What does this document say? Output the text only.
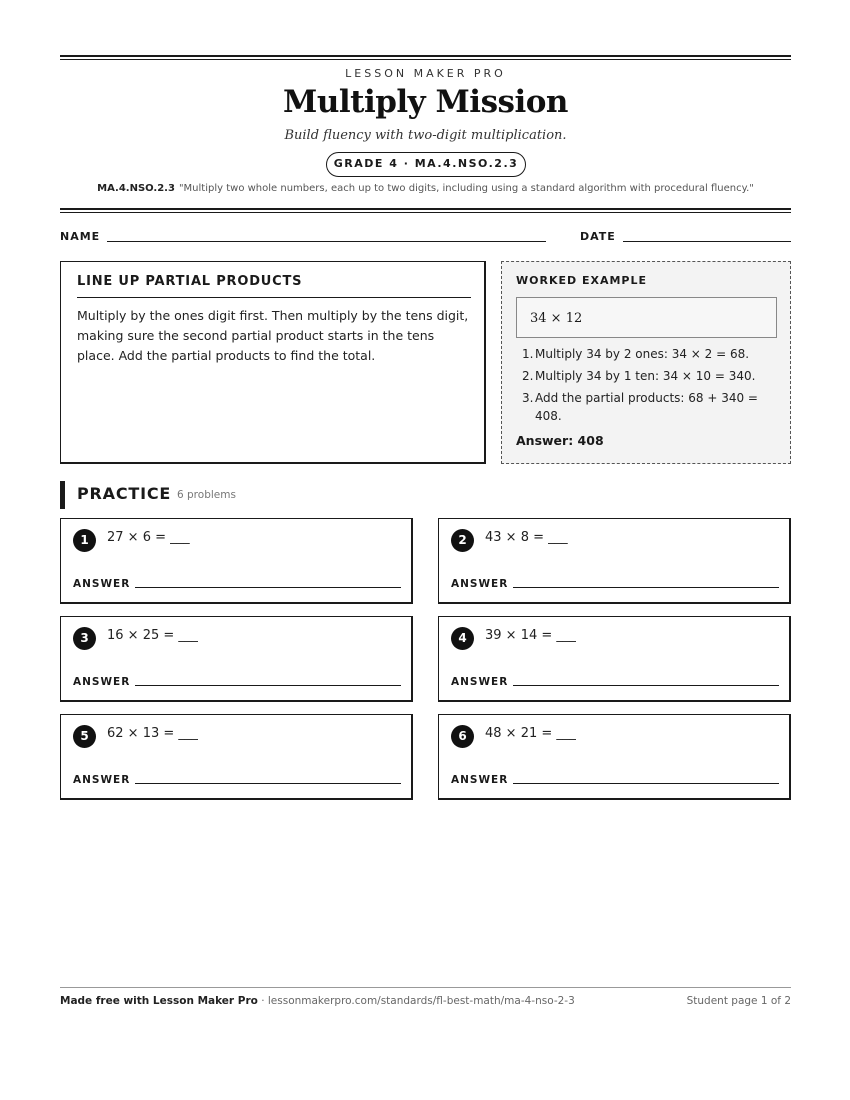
LESSON MAKER PRO
Multiply Mission
Build fluency with two-digit multiplication.
GRADE 4 · MA.4.NSO.2.3
MA.4.NSO.2.3 "Multiply two whole numbers, each up to two digits, including using a standard algorithm with procedural fluency."
NAME	DATE
LINE UP PARTIAL PRODUCTS

Multiply by the ones digit first. Then multiply by the tens digit, making sure the second partial product starts in the tens place. Add the partial products to find the total.

WORKED EXAMPLE
34 × 12
1. Multiply 34 by 2 ones: 34 × 2 = 68.
2. Multiply 34 by 1 ten: 34 × 10 = 340.
3. Add the partial products: 68 + 340 = 408.
Answer: 408
PRACTICE 6 problems
1	27 × 6 = ___
ANSWER
2	43 × 8 = ___
ANSWER
3	16 × 25 = ___
ANSWER
4	39 × 14 = ___
ANSWER
5	62 × 13 = ___
ANSWER
6	48 × 21 = ___
ANSWER
Made free with Lesson Maker Pro · lessonmakerpro.com/standards/fl-best-math/ma-4-nso-2-3	Student page 1 of 2
